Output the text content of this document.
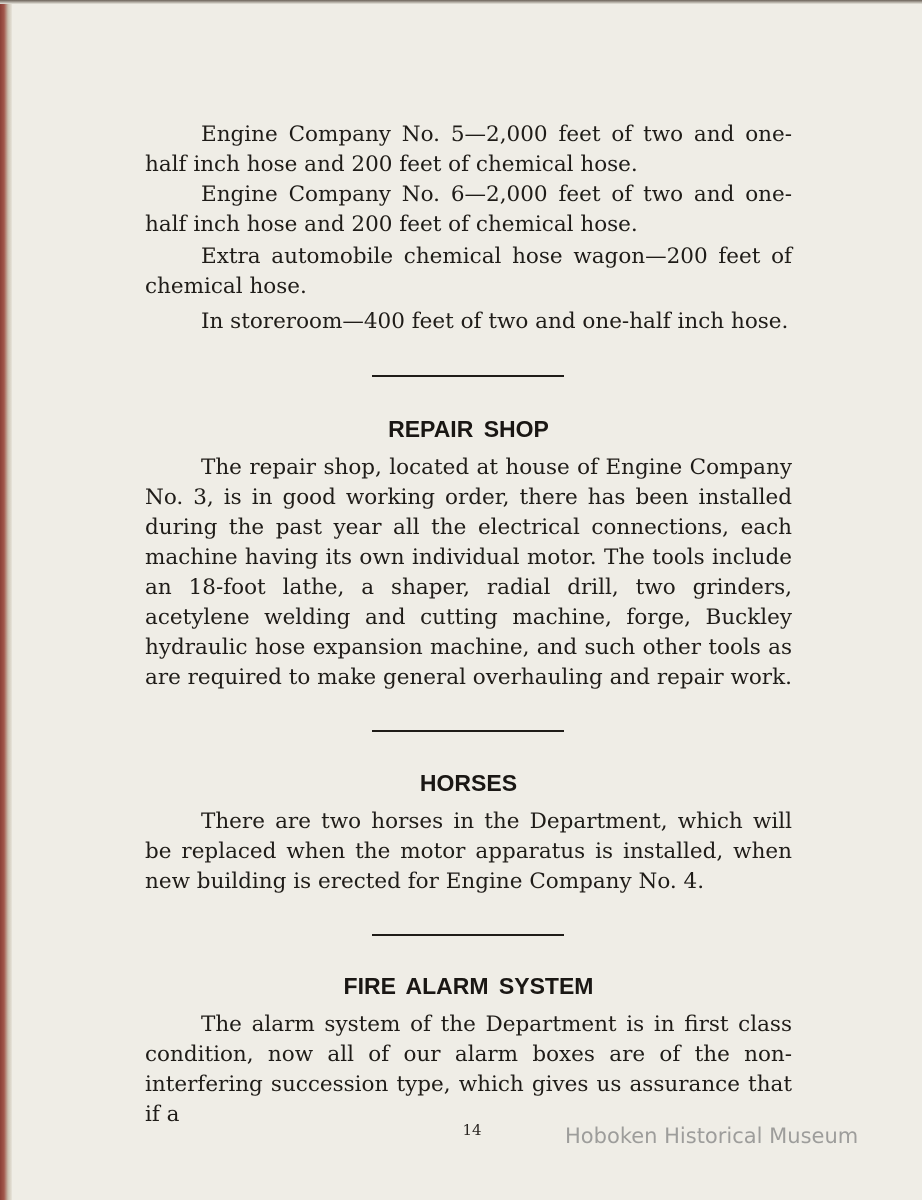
Engine Company No. 5—2,000 feet of two and one-half inch hose and 200 feet of chemical hose.

Engine Company No. 6—2,000 feet of two and one-half inch hose and 200 feet of chemical hose.

Extra automobile chemical hose wagon—200 feet of chemical hose.

In storeroom—400 feet of two and one-half inch hose.

REPAIR SHOP

The repair shop, located at house of Engine Company No. 3, is in good working order, there has been installed during the past year all the electrical connections, each machine having its own individual motor. The tools include an 18-foot lathe, a shaper, radial drill, two grinders, acetylene welding and cutting machine, forge, Buckley hydraulic hose expansion machine, and such other tools as are required to make general overhauling and repair work.

HORSES

There are two horses in the Department, which will be replaced when the motor apparatus is installed, when new building is erected for Engine Company No. 4.

FIRE ALARM SYSTEM

The alarm system of the Department is in first class condition, now all of our alarm boxes are of the non-interfering succession type, which gives us assurance that if a

14	Hoboken Historical Museum
